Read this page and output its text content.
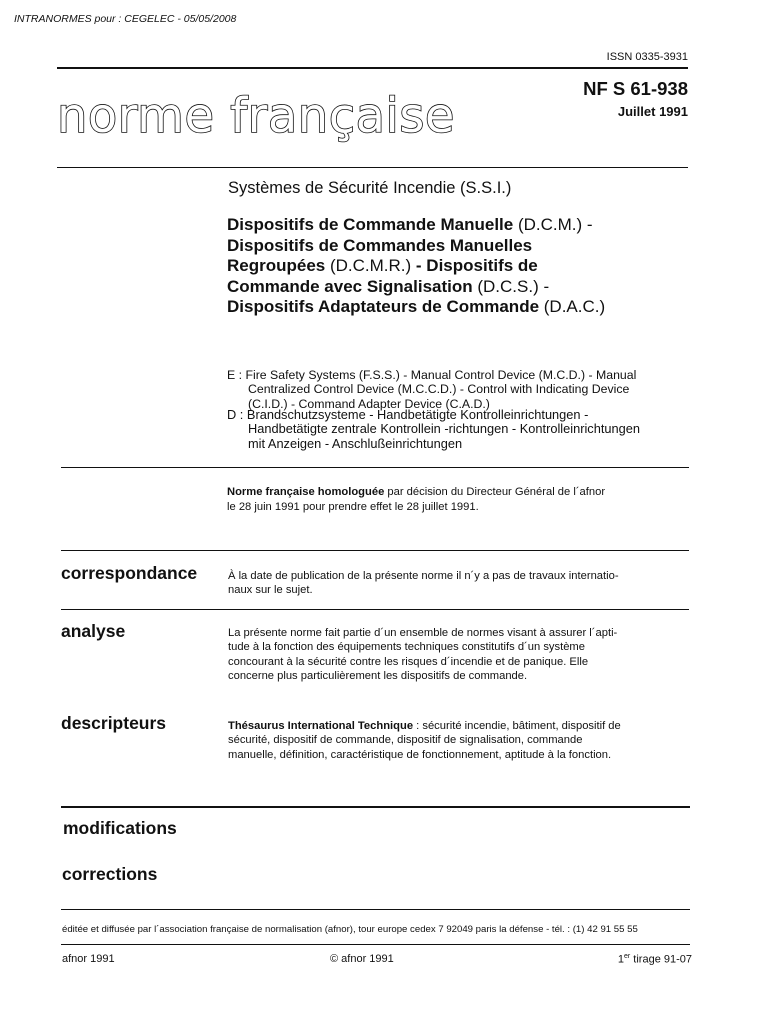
INTRANORMES pour : CEGELEC - 05/05/2008
ISSN 0335-3931
norme française	NF S 61-938
Juillet 1991
Systèmes de Sécurité Incendie (S.S.I.)
Dispositifs de Commande Manuelle (D.C.M.) -
Dispositifs de Commandes Manuelles
Regroupées (D.C.M.R.) - Dispositifs de
Commande avec Signalisation (D.C.S.) -
Dispositifs Adaptateurs de Commande (D.A.C.)
E : Fire Safety Systems (F.S.S.) - Manual Control Device (M.C.D.) - Manual
Centralized Control Device (M.C.C.D.) - Control with Indicating Device
(C.I.D.) - Command Adapter Device (C.A.D.)
D : Brandschutzsysteme - Handbetätigte Kontrolleinrichtungen -
Handbetätigte zentrale Kontrollein -richtungen - Kontrolleinrichtungen
mit Anzeigen - Anschlußeinrichtungen
Norme française homologuée par décision du Directeur Général de l´afnor
le 28 juin 1991 pour prendre effet le 28 juillet 1991.
correspondance	À la date de publication de la présente norme il n´y a pas de travaux internatio-
naux sur le sujet.
analyse	La présente norme fait partie d´un ensemble de normes visant à assurer l´apti-
tude à la fonction des équipements techniques constitutifs d´un système
concourant à la sécurité contre les risques d´incendie et de panique. Elle
concerne plus particulièrement les dispositifs de commande.
descripteurs	Thésaurus International Technique : sécurité incendie, bâtiment, dispositif de
sécurité, dispositif de commande, dispositif de signalisation, commande
manuelle, définition, caractéristique de fonctionnement, aptitude à la fonction.
modifications
corrections
éditée et diffusée par l´association française de normalisation (afnor), tour europe cedex 7 92049 paris la défense - tél. : (1) 42 91 55 55
afnor 1991	© afnor 1991	1er tirage 91-07
